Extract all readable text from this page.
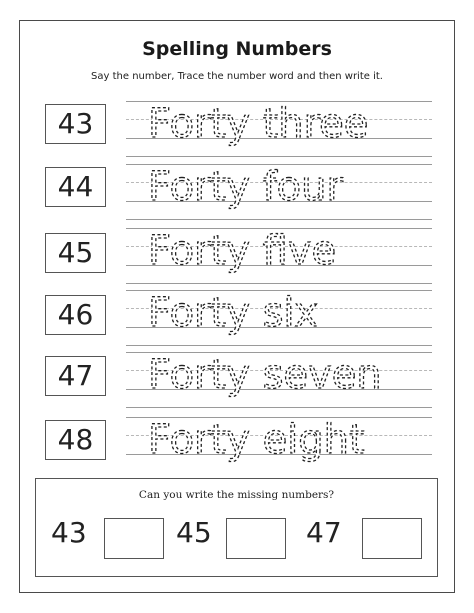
Spelling Numbers
Say the number, Trace the number word and then write it.
43	Forty three
44	Forty four
45	Forty five
46	Forty six
47	Forty seven
48	Forty eight
Can you write the missing numbers?
43	45	47
